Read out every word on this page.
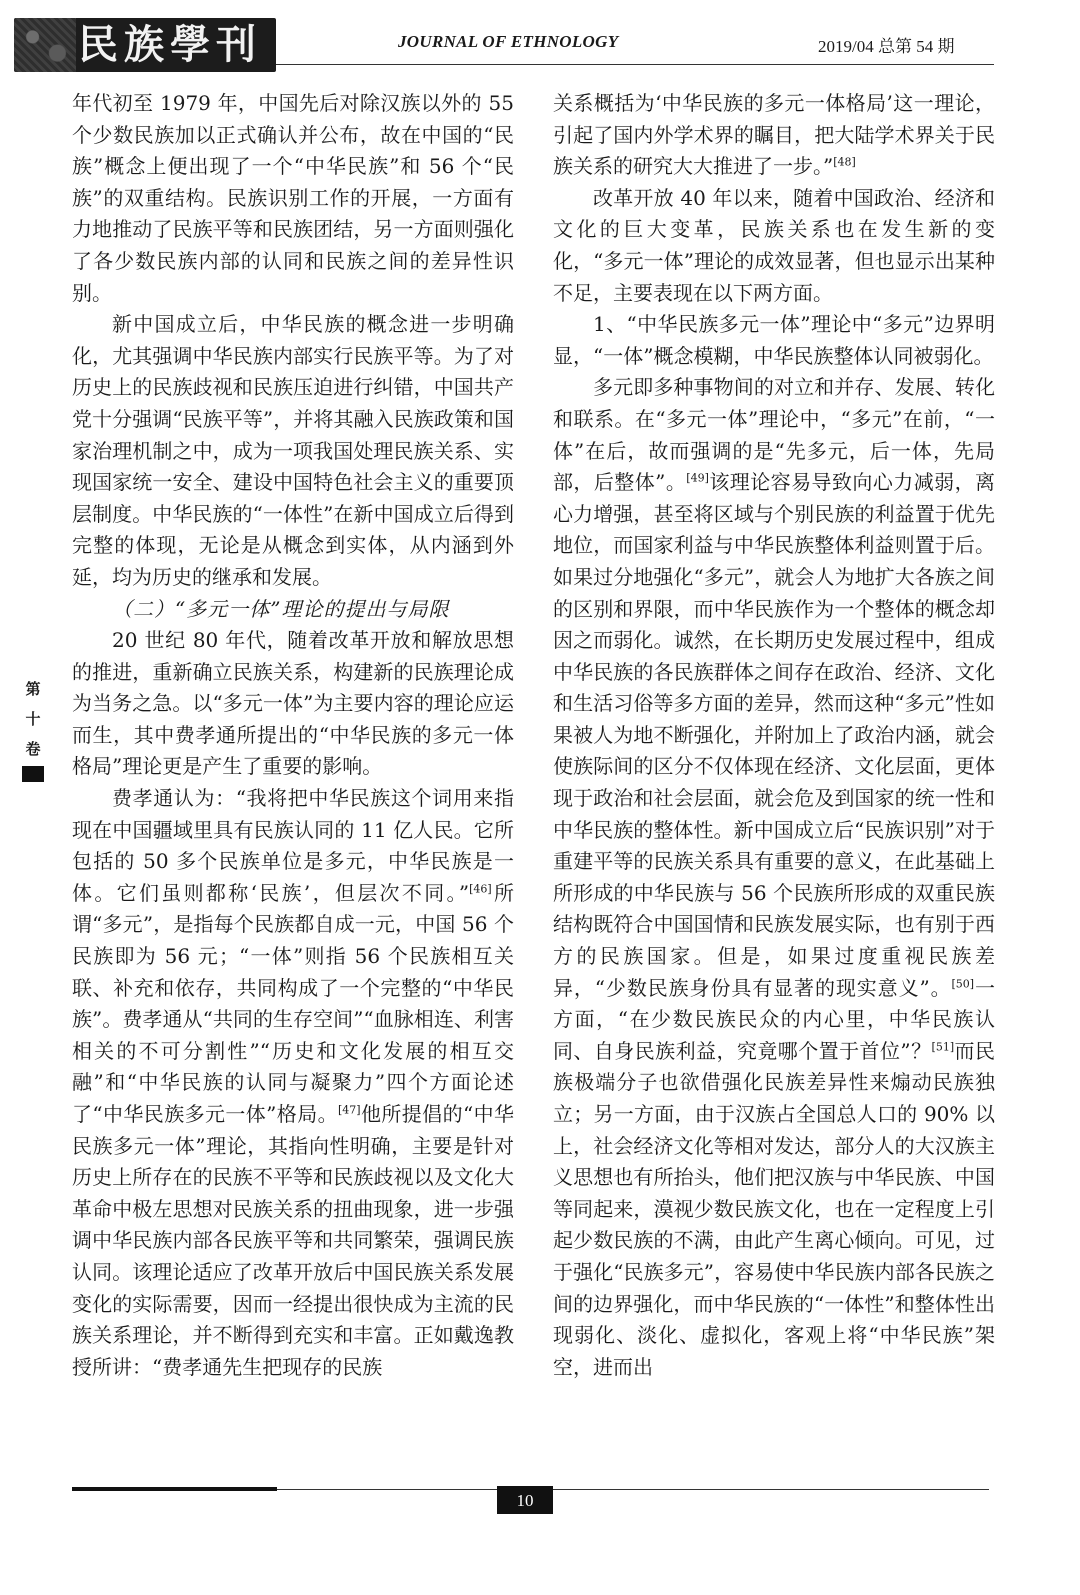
民族學刊	JOURNAL OF ETHNOLOGY	2019/04 总第 54 期
第
十
卷

年代初至 1979 年，中国先后对除汉族以外的 55 个少数民族加以正式确认并公布，故在中国的“民族”概念上便出现了一个“中华民族”和 56 个“民族”的双重结构。民族识别工作的开展，一方面有力地推动了民族平等和民族团结，另一方面则强化了各少数民族内部的认同和民族之间的差异性识别。

新中国成立后，中华民族的概念进一步明确化，尤其强调中华民族内部实行民族平等。为了对历史上的民族歧视和民族压迫进行纠错，中国共产党十分强调“民族平等”，并将其融入民族政策和国家治理机制之中，成为一项我国处理民族关系、实现国家统一安全、建设中国特色社会主义的重要顶层制度。中华民族的“一体性”在新中国成立后得到完整的体现，无论是从概念到实体，从内涵到外延，均为历史的继承和发展。

（二）“多元一体”理论的提出与局限

20 世纪 80 年代，随着改革开放和解放思想的推进，重新确立民族关系，构建新的民族理论成为当务之急。以“多元一体”为主要内容的理论应运而生，其中费孝通所提出的“中华民族的多元一体格局”理论更是产生了重要的影响。

费孝通认为：“我将把中华民族这个词用来指现在中国疆域里具有民族认同的 11 亿人民。它所包括的 50 多个民族单位是多元，中华民族是一体。它们虽则都称‘民族’，但层次不同。”[46]所谓“多元”，是指每个民族都自成一元，中国 56 个民族即为 56 元；“一体”则指 56 个民族相互关联、补充和依存，共同构成了一个完整的“中华民族”。费孝通从“共同的生存空间”“血脉相连、利害相关的不可分割性”“历史和文化发展的相互交融”和“中华民族的认同与凝聚力”四个方面论述了“中华民族多元一体”格局。[47]他所提倡的“中华民族多元一体”理论，其指向性明确，主要是针对历史上所存在的民族不平等和民族歧视以及文化大革命中极左思想对民族关系的扭曲现象，进一步强调中华民族内部各民族平等和共同繁荣，强调民族认同。该理论适应了改革开放后中国民族关系发展变化的实际需要，因而一经提出很快成为主流的民族关系理论，并不断得到充实和丰富。正如戴逸教授所讲：“费孝通先生把现存的民族

关系概括为‘中华民族的多元一体格局’这一理论，引起了国内外学术界的瞩目，把大陆学术界关于民族关系的研究大大推进了一步。”[48]

改革开放 40 年以来，随着中国政治、经济和文化的巨大变革，民族关系也在发生新的变化，“多元一体”理论的成效显著，但也显示出某种不足，主要表现在以下两方面。

1、“中华民族多元一体”理论中“多元”边界明显，“一体”概念模糊，中华民族整体认同被弱化。

多元即多种事物间的对立和并存、发展、转化和联系。在“多元一体”理论中，“多元”在前，“一体”在后，故而强调的是“先多元，后一体，先局部，后整体”。[49]该理论容易导致向心力减弱，离心力增强，甚至将区域与个别民族的利益置于优先地位，而国家利益与中华民族整体利益则置于后。如果过分地强化“多元”，就会人为地扩大各族之间的区别和界限，而中华民族作为一个整体的概念却因之而弱化。诚然，在长期历史发展过程中，组成中华民族的各民族群体之间存在政治、经济、文化和生活习俗等多方面的差异，然而这种“多元”性如果被人为地不断强化，并附加上了政治内涵，就会使族际间的区分不仅体现在经济、文化层面，更体现于政治和社会层面，就会危及到国家的统一性和中华民族的整体性。新中国成立后“民族识别”对于重建平等的民族关系具有重要的意义，在此基础上所形成的中华民族与 56 个民族所形成的双重民族结构既符合中国国情和民族发展实际，也有别于西方的民族国家。但是，如果过度重视民族差异，“少数民族身份具有显著的现实意义”。[50]一方面，“在少数民族民众的内心里，中华民族认同、自身民族利益，究竟哪个置于首位”？[51]而民族极端分子也欲借强化民族差异性来煽动民族独立；另一方面，由于汉族占全国总人口的 90% 以上，社会经济文化等相对发达，部分人的大汉族主义思想也有所抬头，他们把汉族与中华民族、中国等同起来，漠视少数民族文化，也在一定程度上引起少数民族的不满，由此产生离心倾向。可见，过于强化“民族多元”，容易使中华民族内部各民族之间的边界强化，而中华民族的“一体性”和整体性出现弱化、淡化、虚拟化，客观上将“中华民族”架空，进而出

10
